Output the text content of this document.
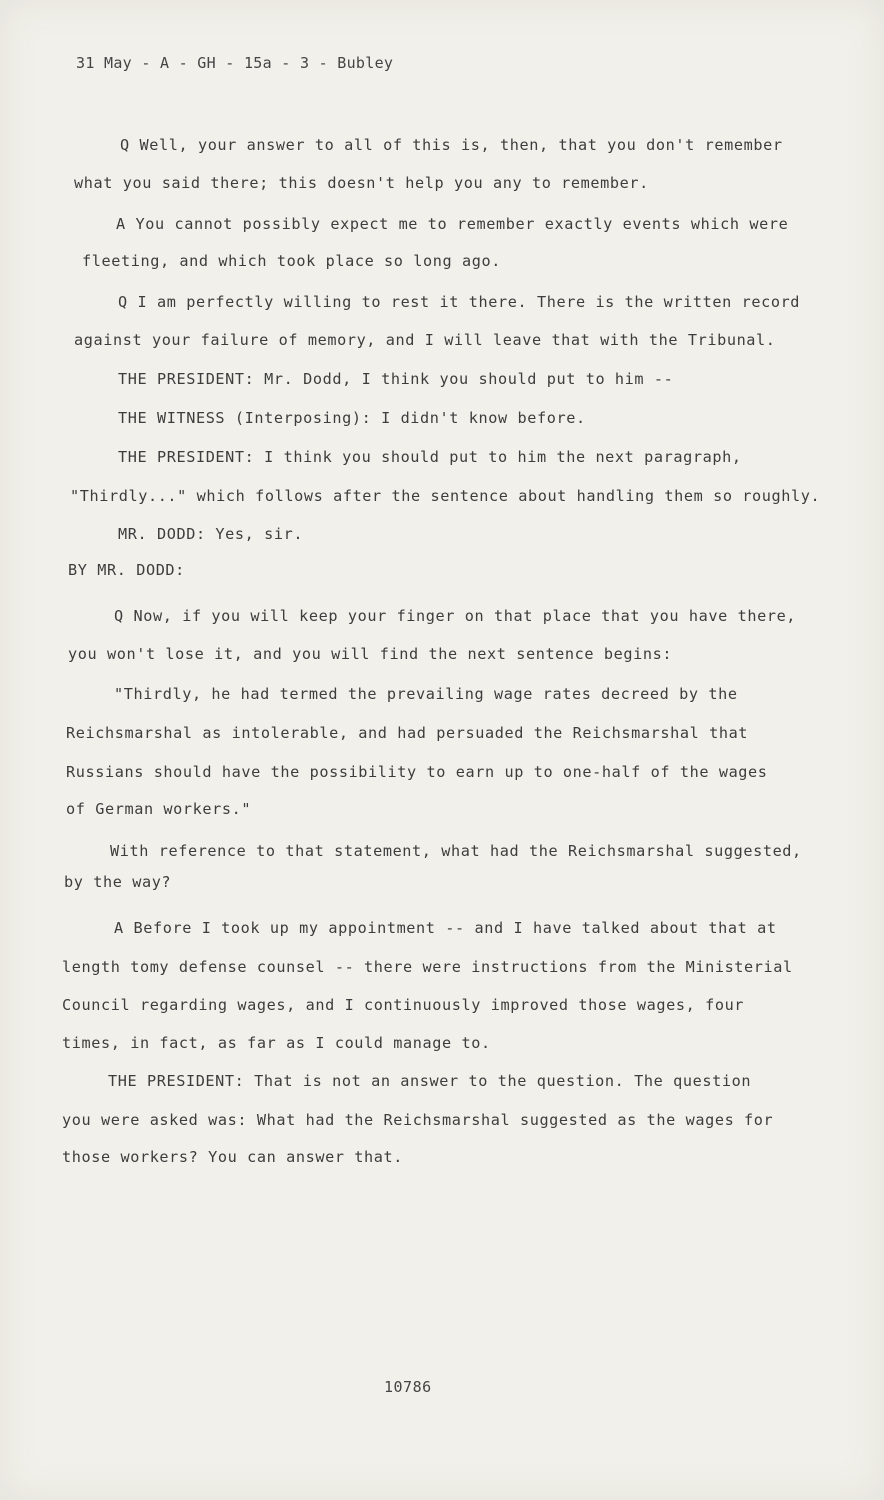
31 May - A - GH - 15a - 3 - Bubley
Q Well, your answer to all of this is, then, that you don't remember
what you said there; this doesn't help you any to remember.
A You cannot possibly expect me to remember exactly events which were
fleeting, and which took place so long ago.
Q I am perfectly willing to rest it there. There is the written record
against your failure of memory, and I will leave that with the Tribunal.
THE PRESIDENT: Mr. Dodd, I think you should put to him --
THE WITNESS (Interposing): I didn't know before.
THE PRESIDENT: I think you should put to him the next paragraph,
"Thirdly..." which follows after the sentence about handling them so roughly.
MR. DODD: Yes, sir.
BY MR. DODD:
Q Now, if you will keep your finger on that place that you have there,
you won't lose it, and you will find the next sentence begins:
"Thirdly, he had termed the prevailing wage rates decreed by the
Reichsmarshal as intolerable, and had persuaded the Reichsmarshal that
Russians should have the possibility to earn up to one-half of the wages
of German workers."
With reference to that statement, what had the Reichsmarshal suggested,
by the way?
A Before I took up my appointment -- and I have talked about that at
length tomy defense counsel -- there were instructions from the Ministerial
Council regarding wages, and I continuously improved those wages, four
times, in fact, as far as I could manage to.
THE PRESIDENT: That is not an answer to the question. The question
you were asked was: What had the Reichsmarshal suggested as the wages for
those workers? You can answer that.
10786
